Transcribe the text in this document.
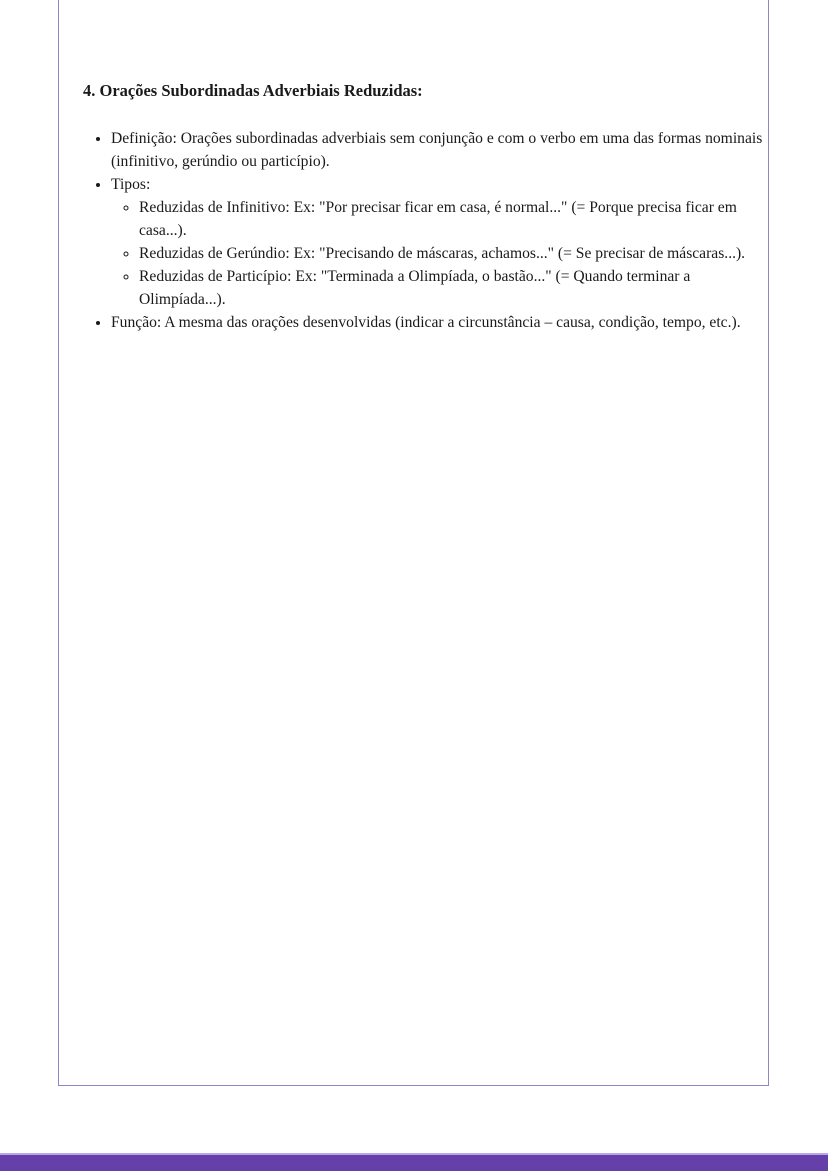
4. Orações Subordinadas Adverbiais Reduzidas:
• Definição: Orações subordinadas adverbiais sem conjunção e com o verbo em uma das formas nominais (infinitivo, gerúndio ou particípio).
• Tipos:
◦ Reduzidas de Infinitivo: Ex: "Por precisar ficar em casa, é normal..." (= Porque precisa ficar em casa...).
◦ Reduzidas de Gerúndio: Ex: "Precisando de máscaras, achamos..." (= Se precisar de máscaras...).
◦ Reduzidas de Particípio: Ex: "Terminada a Olimpíada, o bastão..." (= Quando terminar a Olimpíada...).
• Função: A mesma das orações desenvolvidas (indicar a circunstância – causa, condição, tempo, etc.).
